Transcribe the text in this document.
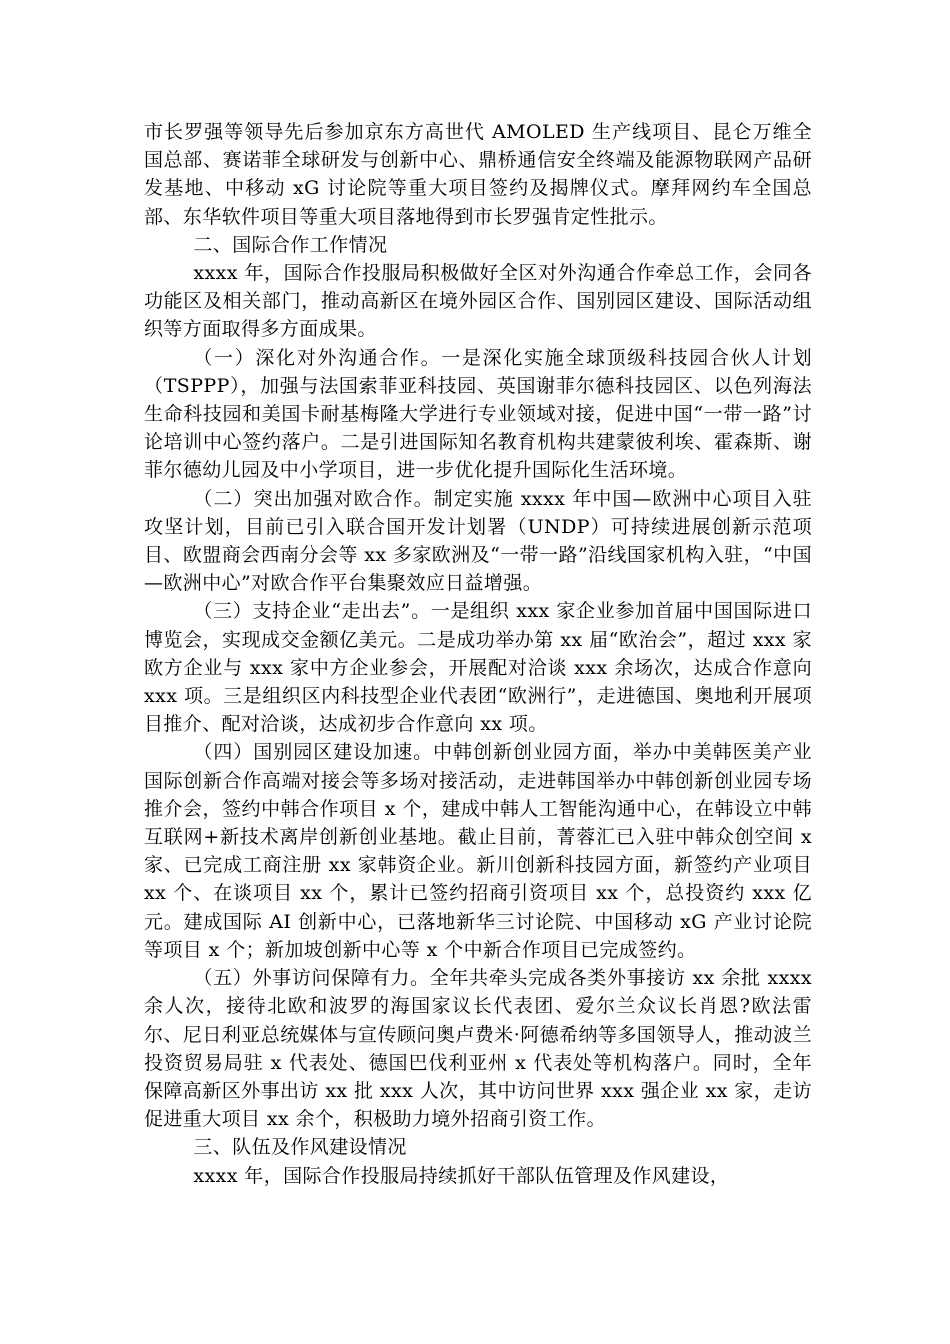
市长罗强等领导先后参加京东方高世代 AMOLED 生产线项目、昆仑万维全国总部、赛诺菲全球研发与创新中心、鼎桥通信安全终端及能源物联网产品研发基地、中移动 xG 讨论院等重大项目签约及揭牌仪式。摩拜网约车全国总部、东华软件项目等重大项目落地得到市长罗强肯定性批示。

二、国际合作工作情况

xxxx 年，国际合作投服局积极做好全区对外沟通合作牵总工作，会同各功能区及相关部门，推动高新区在境外园区合作、国别园区建设、国际活动组织等方面取得多方面成果。

（一）深化对外沟通合作。一是深化实施全球顶级科技园合伙人计划（TSPPP），加强与法国索菲亚科技园、英国谢菲尔德科技园区、以色列海法生命科技园和美国卡耐基梅隆大学进行专业领域对接，促进中国“一带一路”讨论培训中心签约落户。二是引进国际知名教育机构共建蒙彼利埃、霍森斯、谢菲尔德幼儿园及中小学项目，进一步优化提升国际化生活环境。

（二）突出加强对欧合作。制定实施 xxxx 年中国—欧洲中心项目入驻攻坚计划，目前已引入联合国开发计划署（UNDP）可持续进展创新示范项目、欧盟商会西南分会等 xx 多家欧洲及“一带一路”沿线国家机构入驻，“中国—欧洲中心”对欧合作平台集聚效应日益增强。

（三）支持企业“走出去”。一是组织 xxx 家企业参加首届中国国际进口博览会，实现成交金额亿美元。二是成功举办第 xx 届“欧治会”，超过 xxx 家欧方企业与 xxx 家中方企业参会，开展配对洽谈 xxx 余场次，达成合作意向 xxx 项。三是组织区内科技型企业代表团“欧洲行”，走进德国、奥地利开展项目推介、配对洽谈，达成初步合作意向 xx 项。

（四）国别园区建设加速。中韩创新创业园方面，举办中美韩医美产业国际创新合作高端对接会等多场对接活动，走进韩国举办中韩创新创业园专场推介会，签约中韩合作项目 x 个，建成中韩人工智能沟通中心，在韩设立中韩互联网+新技术离岸创新创业基地。截止目前，菁蓉汇已入驻中韩众创空间 x 家、已完成工商注册 xx 家韩资企业。新川创新科技园方面，新签约产业项目 xx 个、在谈项目 xx 个，累计已签约招商引资项目 xx 个，总投资约 xxx 亿元。建成国际 AI 创新中心，已落地新华三讨论院、中国移动 xG 产业讨论院等项目 x 个；新加坡创新中心等 x 个中新合作项目已完成签约。

（五）外事访问保障有力。全年共牵头完成各类外事接访 xx 余批 xxxx 余人次，接待北欧和波罗的海国家议长代表团、爱尔兰众议长肖恩?欧法雷尔、尼日利亚总统媒体与宣传顾问奥卢费米·阿德希纳等多国领导人，推动波兰投资贸易局驻 x 代表处、德国巴伐利亚州 x 代表处等机构落户。同时，全年保障高新区外事出访 xx 批 xxx 人次，其中访问世界 xxx 强企业 xx 家，走访促进重大项目 xx 余个，积极助力境外招商引资工作。

三、队伍及作风建设情况

xxxx 年，国际合作投服局持续抓好干部队伍管理及作风建设，
